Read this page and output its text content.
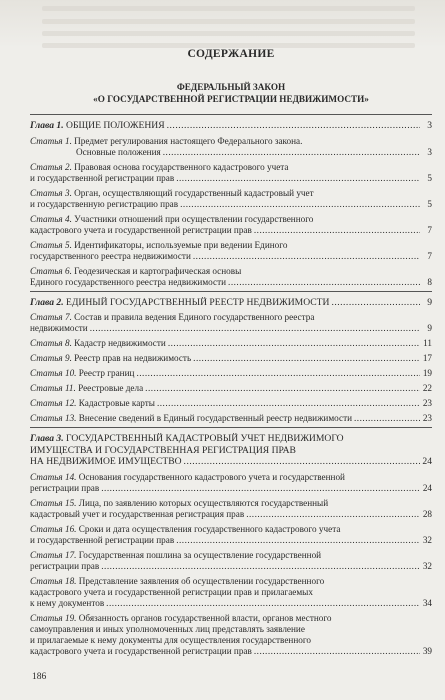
СОДЕРЖАНИЕ
ФЕДЕРАЛЬНЫЙ ЗАКОН
«О ГОСУДАРСТВЕННОЙ РЕГИСТРАЦИИ НЕДВИЖИМОСТИ»
Глава 1. ОБЩИЕ ПОЛОЖЕНИЯ .....	3
Статья 1. Предмет регулирования настоящего Федерального закона.
Основные положения .....	3
Статья 2. Правовая основа государственного кадастрового учета
и государственной регистрации прав .....	5
Статья 3. Орган, осуществляющий государственный кадастровый учет
и государственную регистрацию прав .....	5
Статья 4. Участники отношений при осуществлении государственного
кадастрового учета и государственной регистрации прав .....	7
Статья 5. Идентификаторы, используемые при ведении Единого
государственного реестра недвижимости .....	7
Статья 6. Геодезическая и картографическая основы
Единого государственного реестра недвижимости .....	8
Глава 2. ЕДИНЫЙ ГОСУДАРСТВЕННЫЙ РЕЕСТР НЕДВИЖИМОСТИ .....	9
Статья 7. Состав и правила ведения Единого государственного реестра
недвижимости .....	9
Статья 8. Кадастр недвижимости .....	11
Статья 9. Реестр прав на недвижимость .....	17
Статья 10. Реестр границ .....	19
Статья 11. Реестровые дела .....	22
Статья 12. Кадастровые карты .....	23
Статья 13. Внесение сведений в Единый государственный реестр недвижимости .....	23
Глава 3. ГОСУДАРСТВЕННЫЙ КАДАСТРОВЫЙ УЧЕТ НЕДВИЖИМОГО
ИМУЩЕСТВА И ГОСУДАРСТВЕННАЯ РЕГИСТРАЦИЯ ПРАВ
НА НЕДВИЖИМОЕ ИМУЩЕСТВО .....	24
Статья 14. Основания государственного кадастрового учета и государственной
регистрации прав .....	24
Статья 15. Лица, по заявлению которых осуществляются государственный
кадастровый учет и государственная регистрация прав .....	28
Статья 16. Сроки и дата осуществления государственного кадастрового учета
и государственной регистрации прав .....	32
Статья 17. Государственная пошлина за осуществление государственной
регистрации прав .....	32
Статья 18. Представление заявления об осуществлении государственного
кадастрового учета и государственной регистрации прав и прилагаемых
к нему документов .....	34
Статья 19. Обязанность органов государственной власти, органов местного
самоуправления и иных уполномоченных лиц представлять заявление
и прилагаемые к нему документы для осуществления государственного
кадастрового учета и государственной регистрации прав .....	39
186
